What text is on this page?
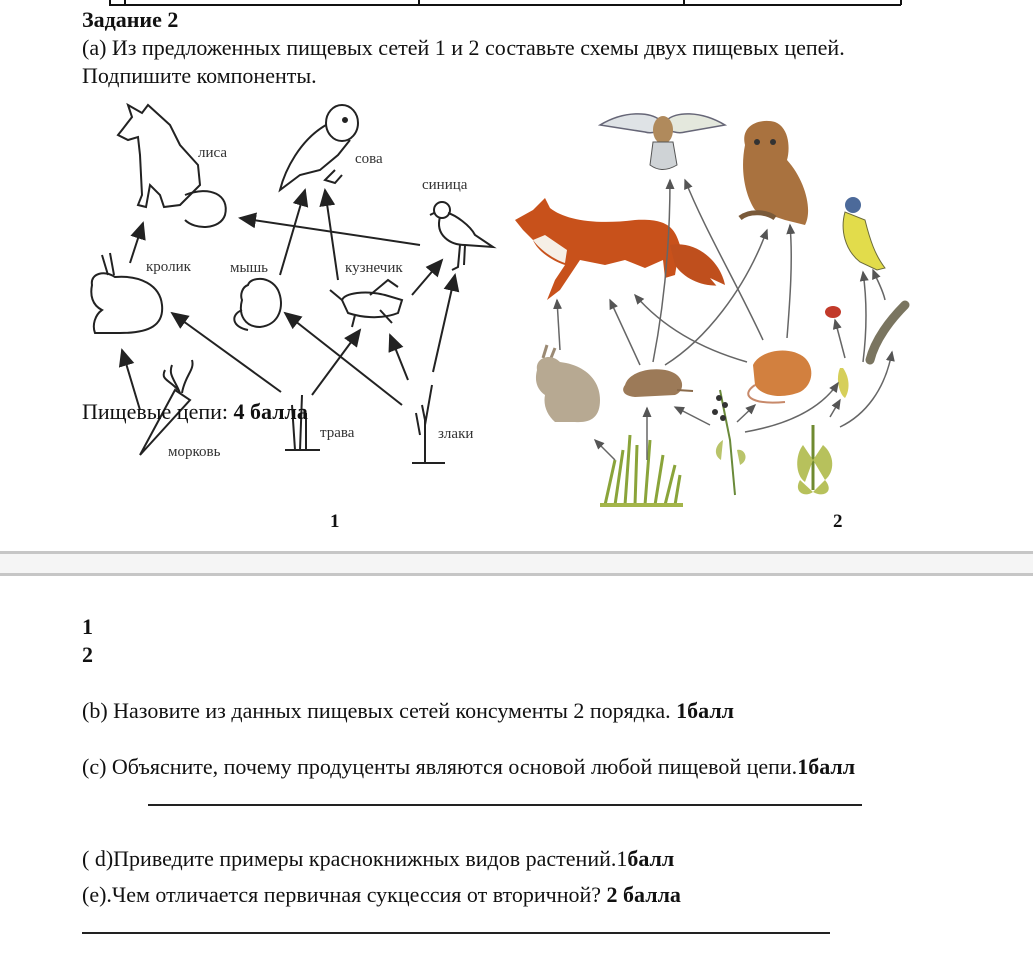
Задание 2
(а) Из предложенных пищевых сетей 1 и 2 составьте схемы двух пищевых цепей.
Подпишите компоненты.
лиса	сова
синица
кролик	мышь	кузнечик
морковь
трава	злаки
1	2
Пищевые цепи: 4 балла
1
2
(b) Назовите из данных пищевых сетей консументы 2 порядка. 1балл
(c) Объясните, почему продуценты являются основой любой пищевой цепи.1балл
( d)Приведите примеры краснокнижных видов растений.1балл
(e).Чем отличается первичная сукцессия от вторичной? 2 балла
